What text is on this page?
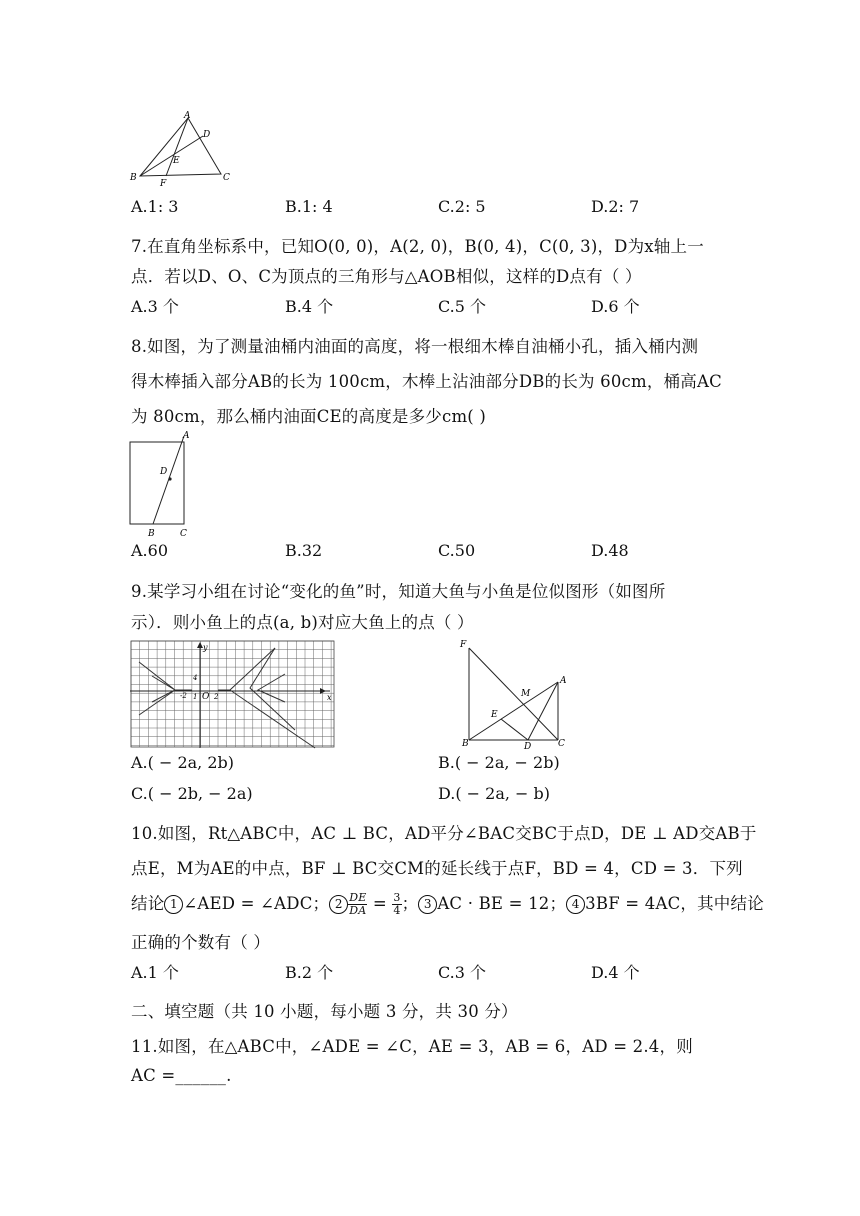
A
D
E
B
F
C
A.1: 3	B.1: 4	C.2: 5	D.2: 7
7.在直角坐标系中，已知O(0, 0)，A(2, 0)，B(0, 4)，C(0, 3)，D为x轴上一
点．若以D、O、C为顶点的三角形与△AOB相似，这样的D点有（ ）
A.3 个	B.4 个	C.5 个	D.6 个
8.如图，为了测量油桶内油面的高度，将一根细木棒自油桶小孔，插入桶内测
得木棒插入部分AB的长为 100cm，木棒上沾油部分DB的长为 60cm，桶高AC
为 80cm，那么桶内油面CE的高度是多少cm( )
A
D
B	C
A.60	B.32	C.50	D.48
9.某学习小组在讨论“变化的鱼”时，知道大鱼与小鱼是位似图形（如图所
示）．则小鱼上的点(a, b)对应大鱼上的点（ ）
y
x
O
1
-2	2
4
F
A
M
E
B	D	C
A.( − 2a, 2b)	B.( − 2a, − 2b)
C.( − 2b, − 2a)	D.( − 2a, − b)
10.如图，Rt△ABC中，AC ⊥ BC，AD平分∠BAC交BC于点D，DE ⊥ AD交AB于
点E，M为AE的中点，BF ⊥ BC交CM的延长线于点F，BD = 4，CD = 3．下列
结论 1 ∠AED = ∠ADC； $2 \frac{DE}{DA} = \frac{3}{4}$ ； 3 AC · BE = 12； 4 3BF = 4AC，其中结论
正确的个数有（ ）
A.1 个	B.2 个	C.3 个	D.4 个
二、填空题（共 10 小题，每小题 3 分，共 30 分）
11.如图，在△ABC中，∠ADE = ∠C，AE = 3，AB = 6，AD = 2.4，则
AC =______.
